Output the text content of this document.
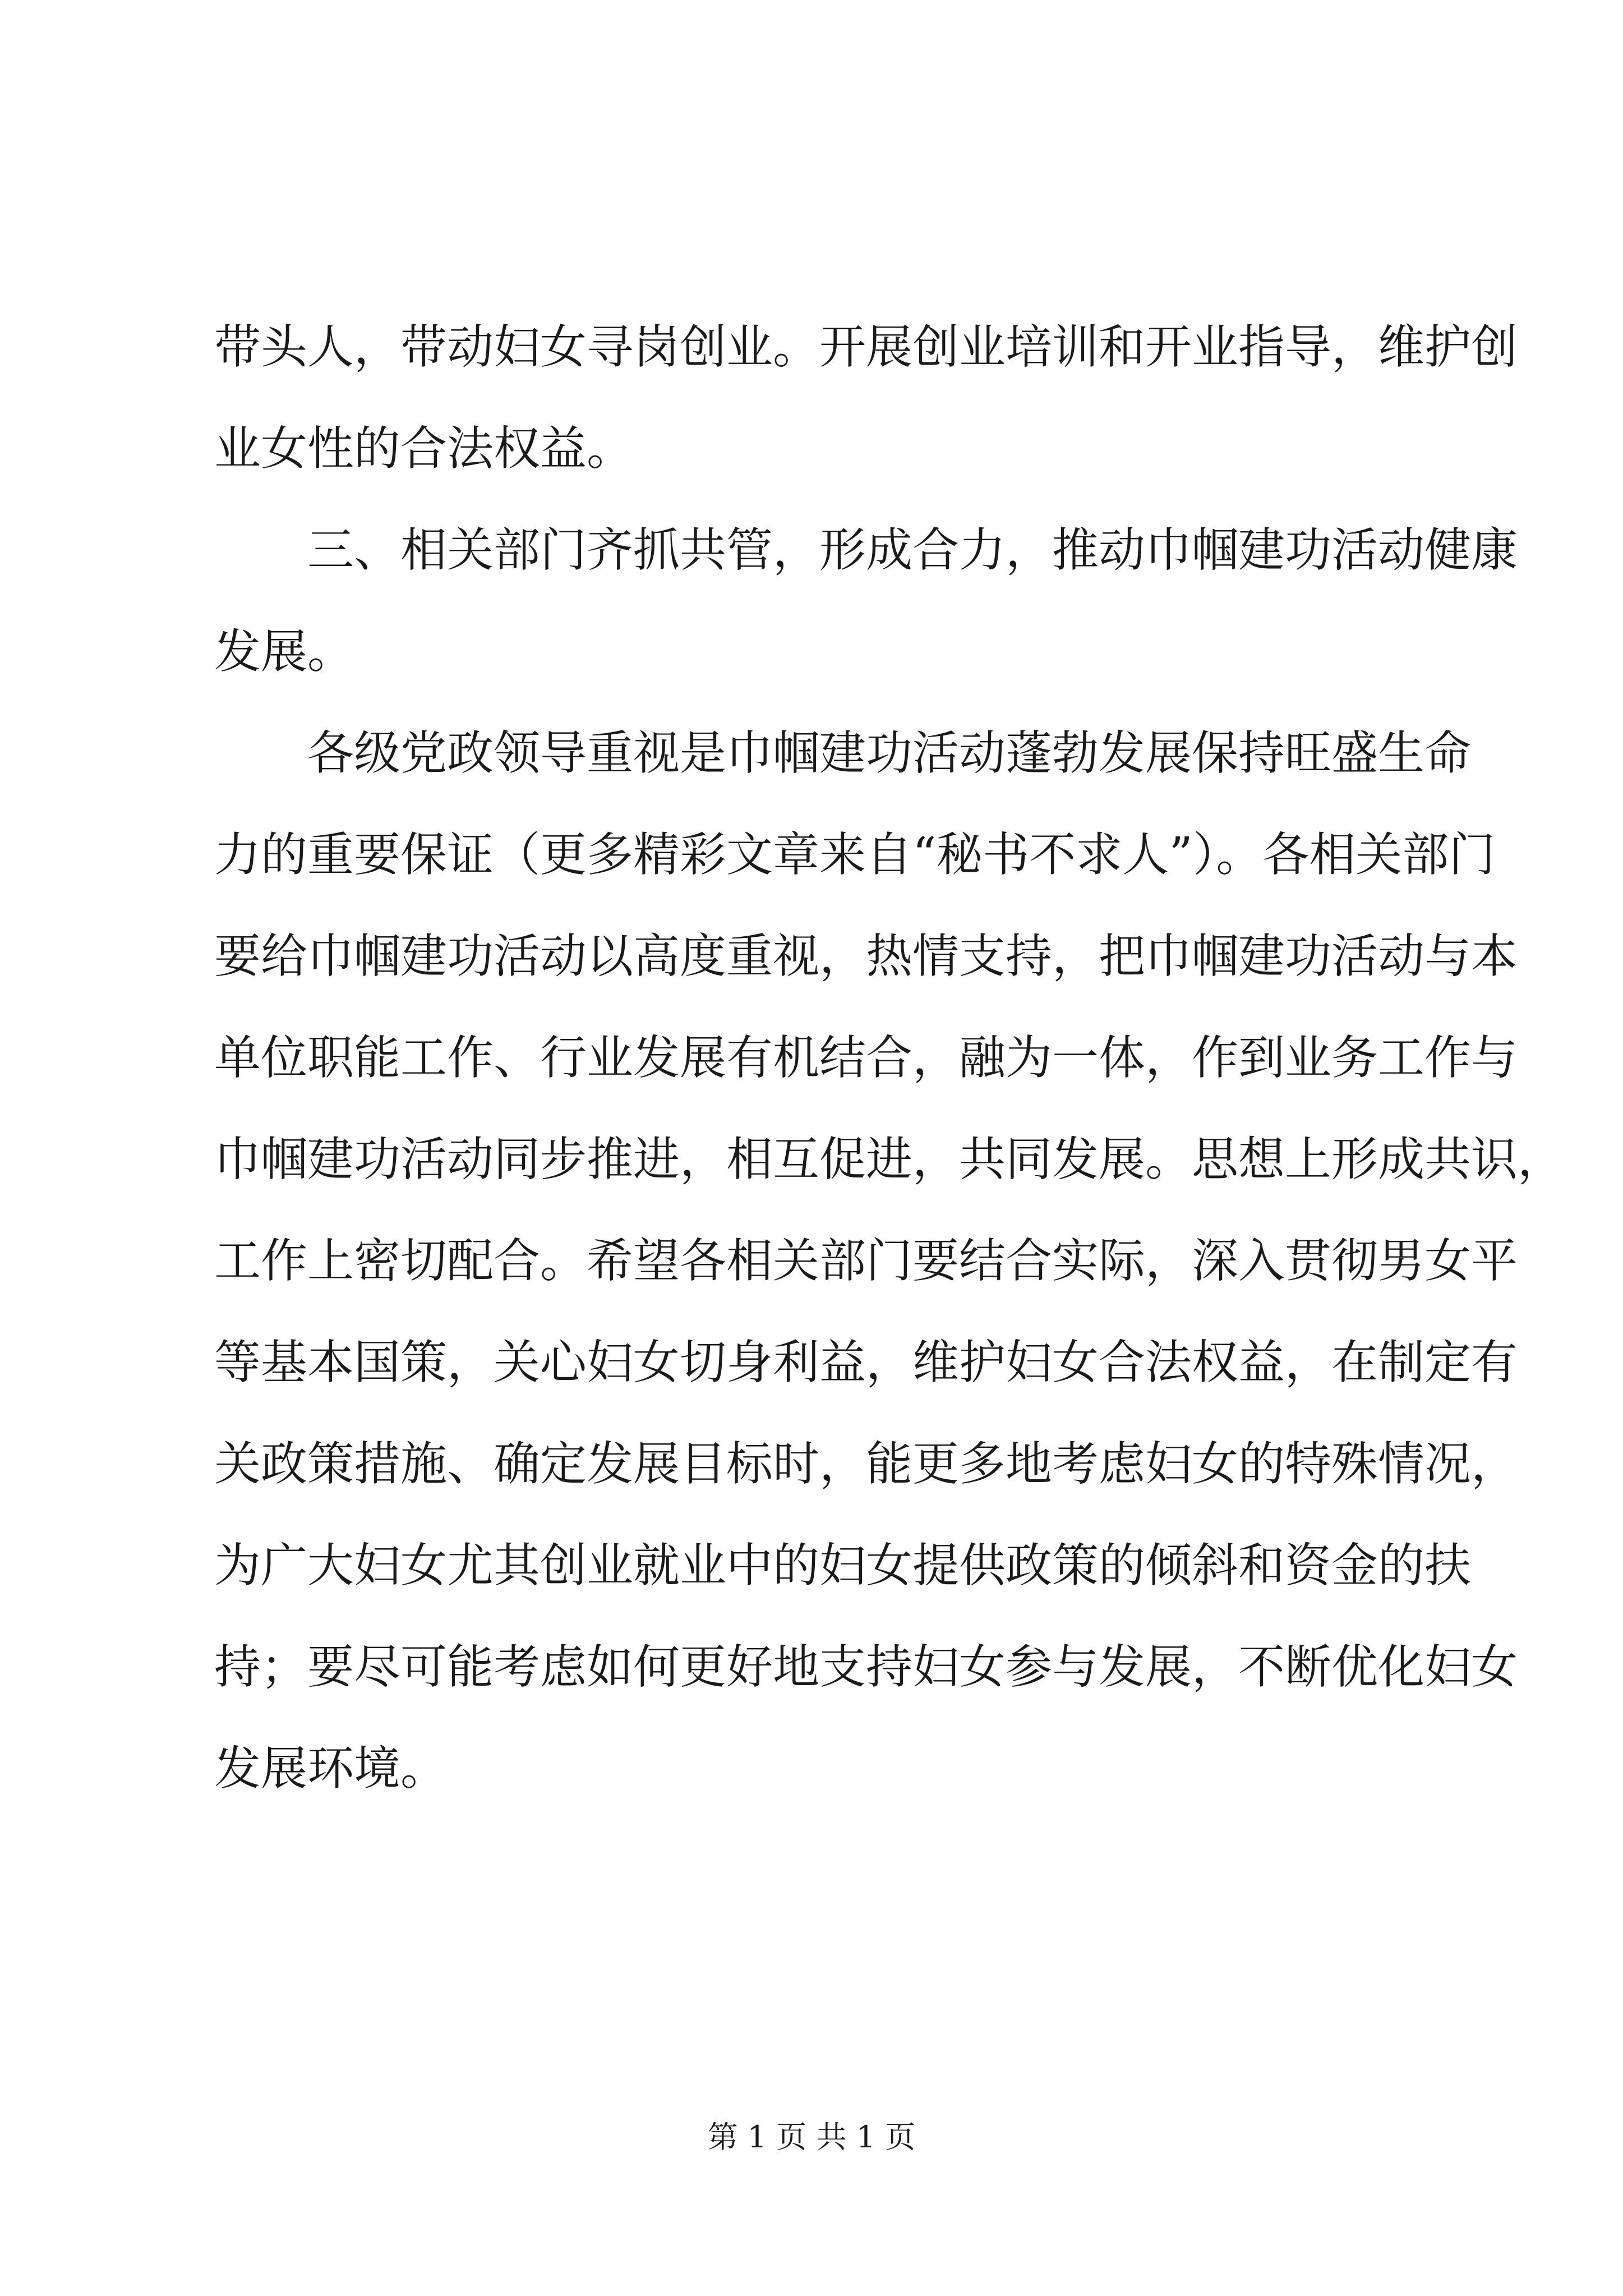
带头人，带动妇女寻岗创业。开展创业培训和开业指导，维护创
业女性的合法权益。
三、相关部门齐抓共管，形成合力，推动巾帼建功活动健康
发展。
各级党政领导重视是巾帼建功活动蓬勃发展保持旺盛生命
力的重要保证（更多精彩文章来自“秘书不求人”）。各相关部门
要给巾帼建功活动以高度重视，热情支持，把巾帼建功活动与本
单位职能工作、行业发展有机结合，融为一体，作到业务工作与
巾帼建功活动同步推进，相互促进，共同发展。思想上形成共识，
工作上密切配合。希望各相关部门要结合实际，深入贯彻男女平
等基本国策，关心妇女切身利益，维护妇女合法权益，在制定有
关政策措施、确定发展目标时，能更多地考虑妇女的特殊情况，
为广大妇女尤其创业就业中的妇女提供政策的倾斜和资金的扶
持；要尽可能考虑如何更好地支持妇女参与发展，不断优化妇女
发展环境。
第 1 页 共 1 页
